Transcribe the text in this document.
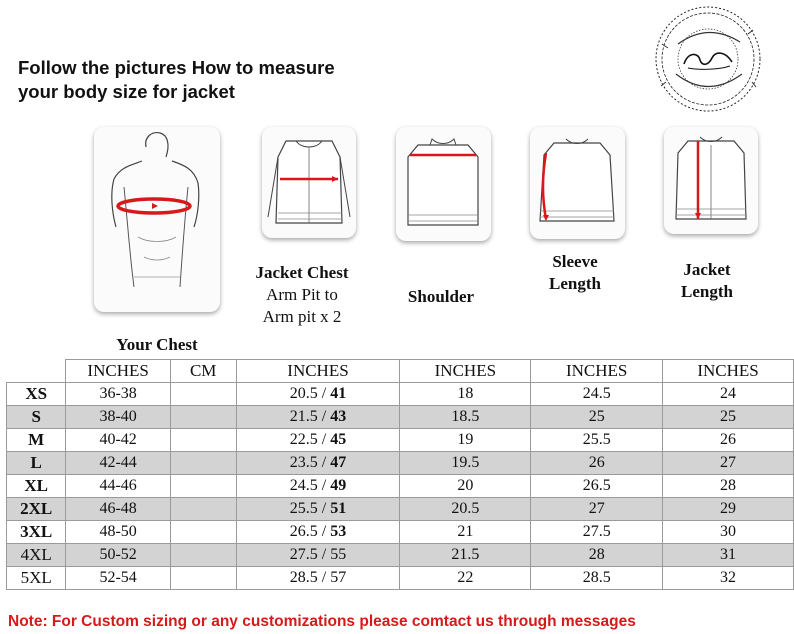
Follow the pictures How to measure
your body size for jacket
Your Chest
Jacket Chest
Arm Pit to
Arm pit x 2
Shoulder
Sleeve
Length
Jacket
Length
	INCHES	CM	INCHES	INCHES	INCHES	INCHES
XS	36-38		20.5 / 41	18	24.5	24
S	38-40		21.5 / 43	18.5	25	25
M	40-42		22.5 / 45	19	25.5	26
L	42-44		23.5 / 47	19.5	26	27
XL	44-46		24.5 / 49	20	26.5	28
2XL	46-48		25.5 / 51	20.5	27	29
3XL	48-50		26.5 / 53	21	27.5	30
4XL	50-52		27.5 / 55	21.5	28	31
5XL	52-54		28.5 / 57	22	28.5	32
Note: For Custom sizing or any customizations please comtact us through messages
